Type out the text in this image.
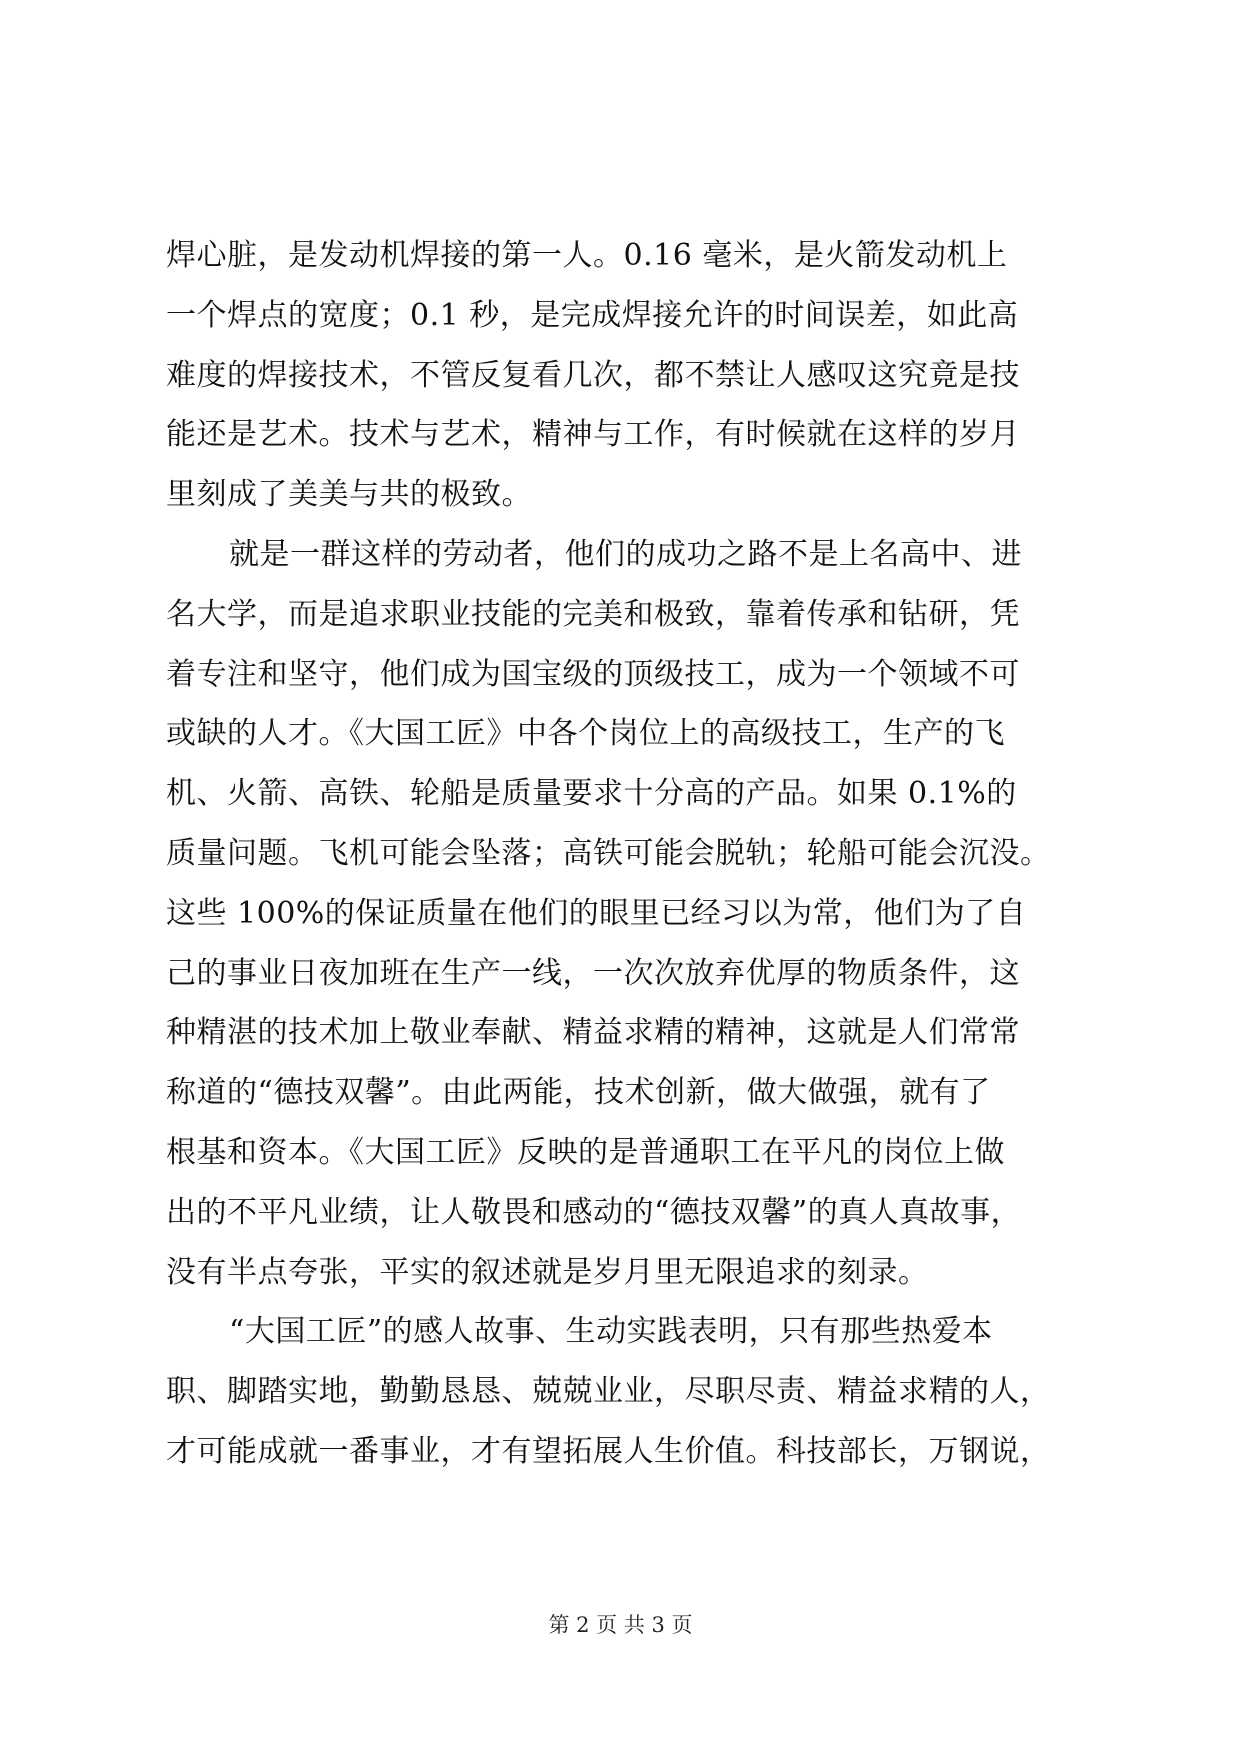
焊心脏，是发动机焊接的第一人。0.16 毫米，是火箭发动机上
一个焊点的宽度；0.1 秒，是完成焊接允许的时间误差，如此高
难度的焊接技术，不管反复看几次，都不禁让人感叹这究竟是技
能还是艺术。技术与艺术，精神与工作，有时候就在这样的岁月
里刻成了美美与共的极致。
就是一群这样的劳动者，他们的成功之路不是上名高中、进
名大学，而是追求职业技能的完美和极致，靠着传承和钻研，凭
着专注和坚守，他们成为国宝级的顶级技工，成为一个领域不可
或缺的人才。《大国工匠》中各个岗位上的高级技工，生产的飞
机、火箭、高铁、轮船是质量要求十分高的产品。如果 0.1%的
质量问题。飞机可能会坠落；高铁可能会脱轨；轮船可能会沉没。
这些 100%的保证质量在他们的眼里已经习以为常，他们为了自
己的事业日夜加班在生产一线，一次次放弃优厚的物质条件，这
种精湛的技术加上敬业奉献、精益求精的精神，这就是人们常常
称道的“德技双馨”。由此两能，技术创新，做大做强，就有了
根基和资本。《大国工匠》反映的是普通职工在平凡的岗位上做
出的不平凡业绩，让人敬畏和感动的“德技双馨”的真人真故事，
没有半点夸张，平实的叙述就是岁月里无限追求的刻录。
“大国工匠”的感人故事、生动实践表明，只有那些热爱本
职、脚踏实地，勤勤恳恳、兢兢业业，尽职尽责、精益求精的人，
才可能成就一番事业，才有望拓展人生价值。科技部长，万钢说，
第 2 页 共 3 页
